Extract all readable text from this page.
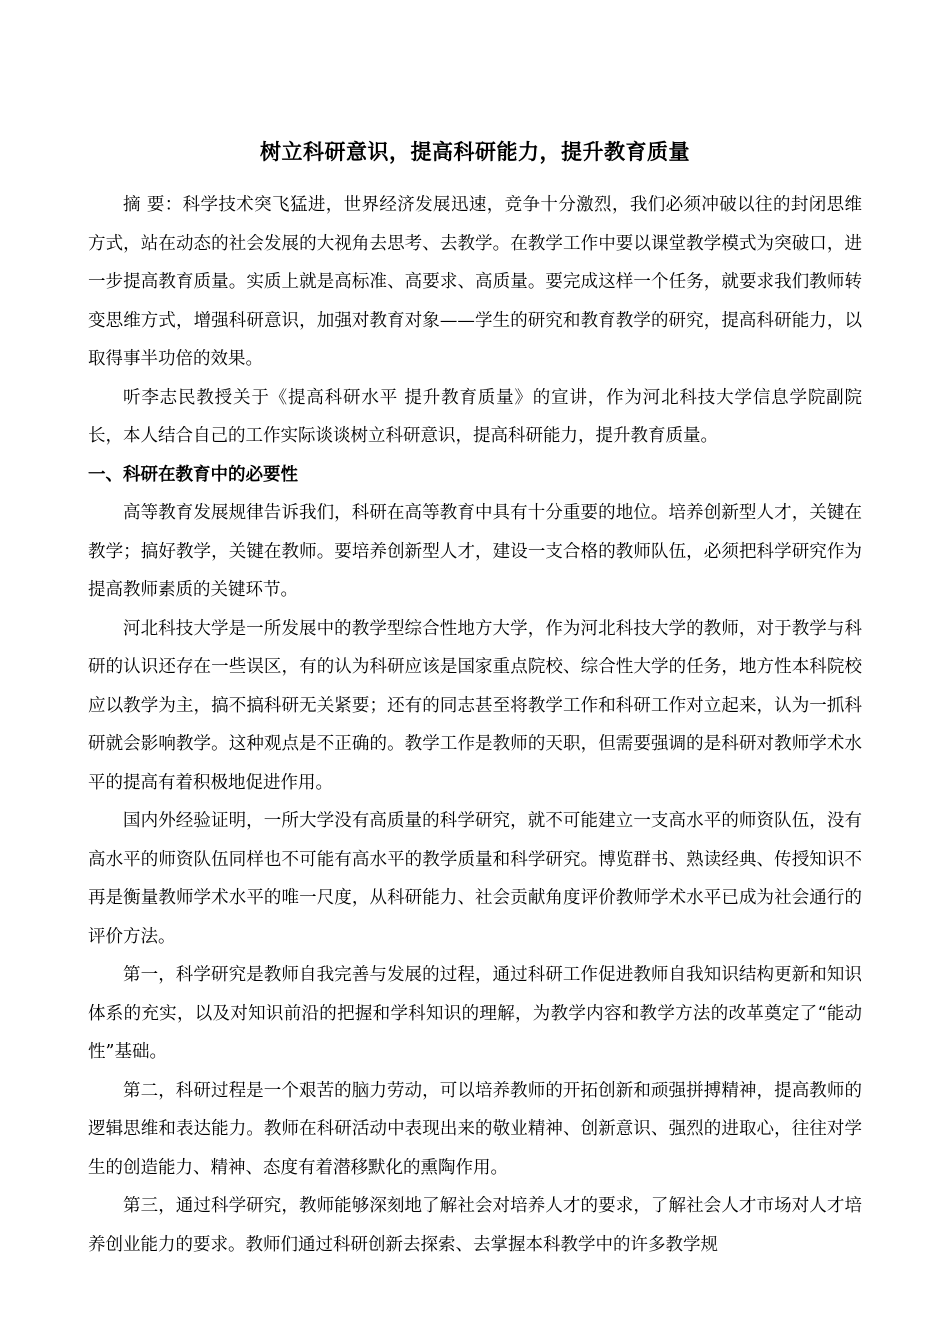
树立科研意识，提高科研能力，提升教育质量

摘 要：科学技术突飞猛进，世界经济发展迅速，竞争十分激烈，我们必须冲破以往的封闭思维方式，站在动态的社会发展的大视角去思考、去教学。在教学工作中要以课堂教学模式为突破口，进一步提高教育质量。实质上就是高标准、高要求、高质量。要完成这样一个任务，就要求我们教师转变思维方式，增强科研意识，加强对教育对象——学生的研究和教育教学的研究，提高科研能力，以取得事半功倍的效果。

听李志民教授关于《提高科研水平 提升教育质量》的宣讲，作为河北科技大学信息学院副院长，本人结合自己的工作实际谈谈树立科研意识，提高科研能力，提升教育质量。

一、科研在教育中的必要性

高等教育发展规律告诉我们，科研在高等教育中具有十分重要的地位。培养创新型人才，关键在教学；搞好教学，关键在教师。要培养创新型人才，建设一支合格的教师队伍，必须把科学研究作为提高教师素质的关键环节。

河北科技大学是一所发展中的教学型综合性地方大学，作为河北科技大学的教师，对于教学与科研的认识还存在一些误区，有的认为科研应该是国家重点院校、综合性大学的任务，地方性本科院校应以教学为主，搞不搞科研无关紧要；还有的同志甚至将教学工作和科研工作对立起来，认为一抓科研就会影响教学。这种观点是不正确的。教学工作是教师的天职，但需要强调的是科研对教师学术水平的提高有着积极地促进作用。

国内外经验证明，一所大学没有高质量的科学研究，就不可能建立一支高水平的师资队伍，没有高水平的师资队伍同样也不可能有高水平的教学质量和科学研究。博览群书、熟读经典、传授知识不再是衡量教师学术水平的唯一尺度，从科研能力、社会贡献角度评价教师学术水平已成为社会通行的评价方法。

第一，科学研究是教师自我完善与发展的过程，通过科研工作促进教师自我知识结构更新和知识体系的充实，以及对知识前沿的把握和学科知识的理解，为教学内容和教学方法的改革奠定了“能动性”基础。

第二，科研过程是一个艰苦的脑力劳动，可以培养教师的开拓创新和顽强拼搏精神，提高教师的逻辑思维和表达能力。教师在科研活动中表现出来的敬业精神、创新意识、强烈的进取心，往往对学生的创造能力、精神、态度有着潜移默化的熏陶作用。

第三，通过科学研究，教师能够深刻地了解社会对培养人才的要求，了解社会人才市场对人才培养创业能力的要求。教师们通过科研创新去探索、去掌握本科教学中的许多教学规
